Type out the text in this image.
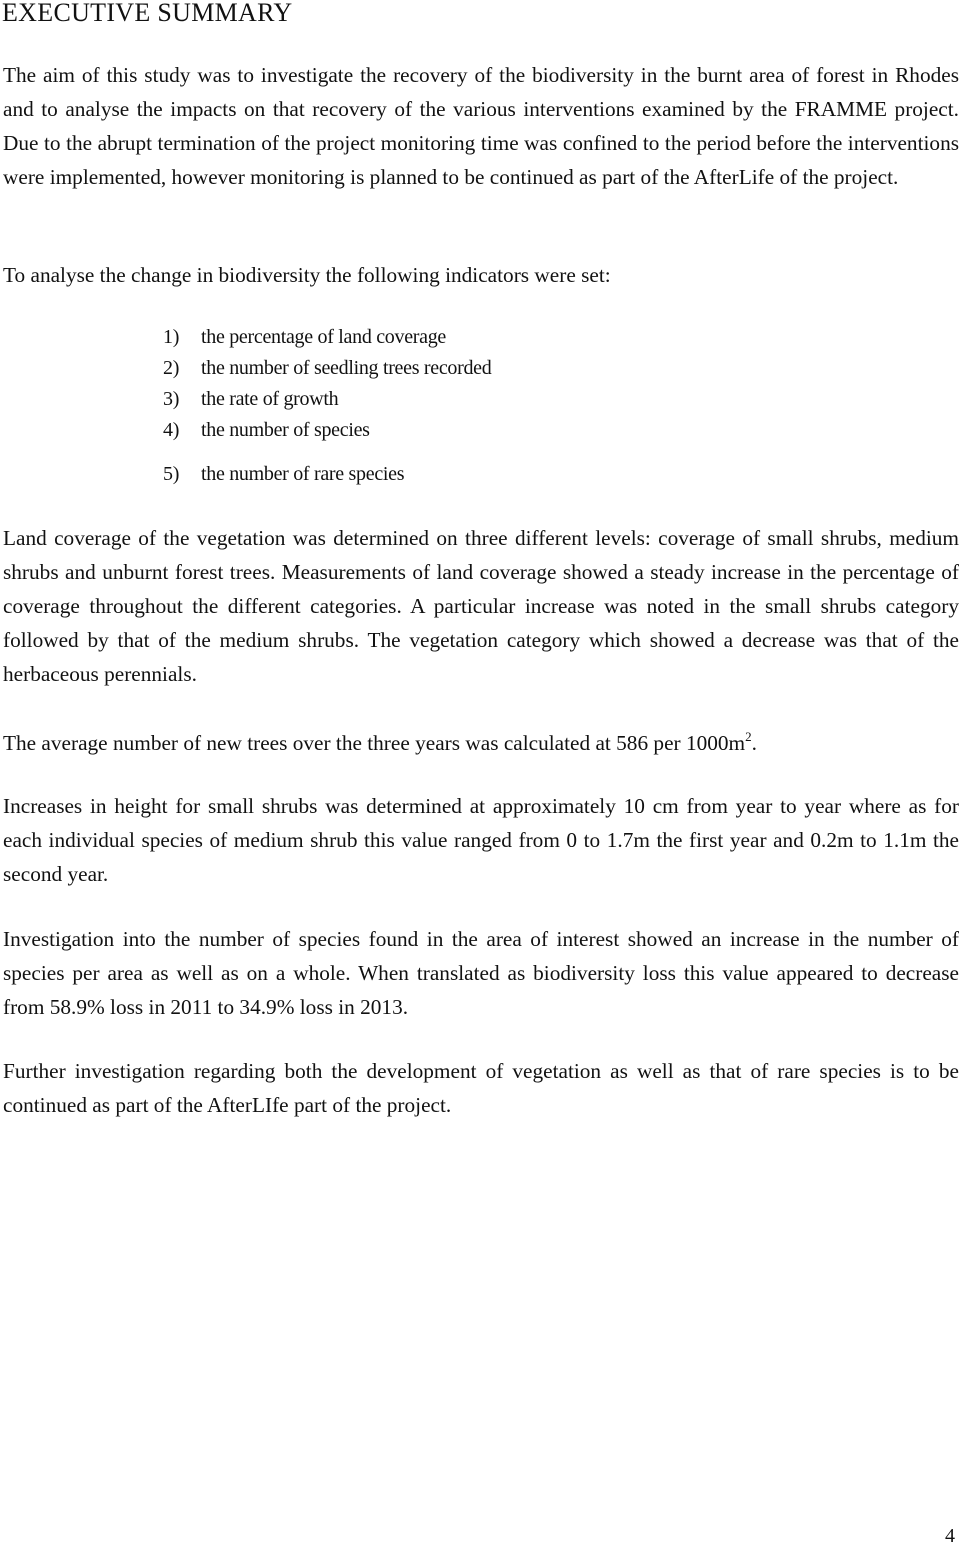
EXECUTIVE SUMMARY

The aim of this study was to investigate the recovery of the biodiversity in the burnt area of forest in Rhodes and to analyse the impacts on that recovery of the various interventions examined by the FRAMME project. Due to the abrupt termination of the project monitoring time was confined to the period before the interventions were implemented, however monitoring is planned to be continued as part of the AfterLife of the project.

To analyse the change in biodiversity the following indicators were set:

1) the percentage of land coverage
2) the number of seedling trees recorded
3) the rate of growth
4) the number of species
5) the number of rare species

Land coverage of the vegetation was determined on three different levels: coverage of small shrubs, medium shrubs and unburnt forest trees. Measurements of land coverage showed a steady increase in the percentage of coverage throughout the different categories. A particular increase was noted in the small shrubs category followed by that of the medium shrubs. The vegetation category which showed a decrease was that of the herbaceous perennials.

The average number of new trees over the three years was calculated at 586 per $1000m^2$.

Increases in height for small shrubs was determined at approximately 10 cm from year to year where as for each individual species of medium shrub this value ranged from 0 to 1.7m the first year and 0.2m to 1.1m the second year.

Investigation into the number of species found in the area of interest showed an increase in the number of species per area as well as on a whole. When translated as biodiversity loss this value appeared to decrease from 58.9% loss in 2011 to 34.9% loss in 2013.

Further investigation regarding both the development of vegetation as well as that of rare species is to be continued as part of the AfterLIfe part of the project.

4
